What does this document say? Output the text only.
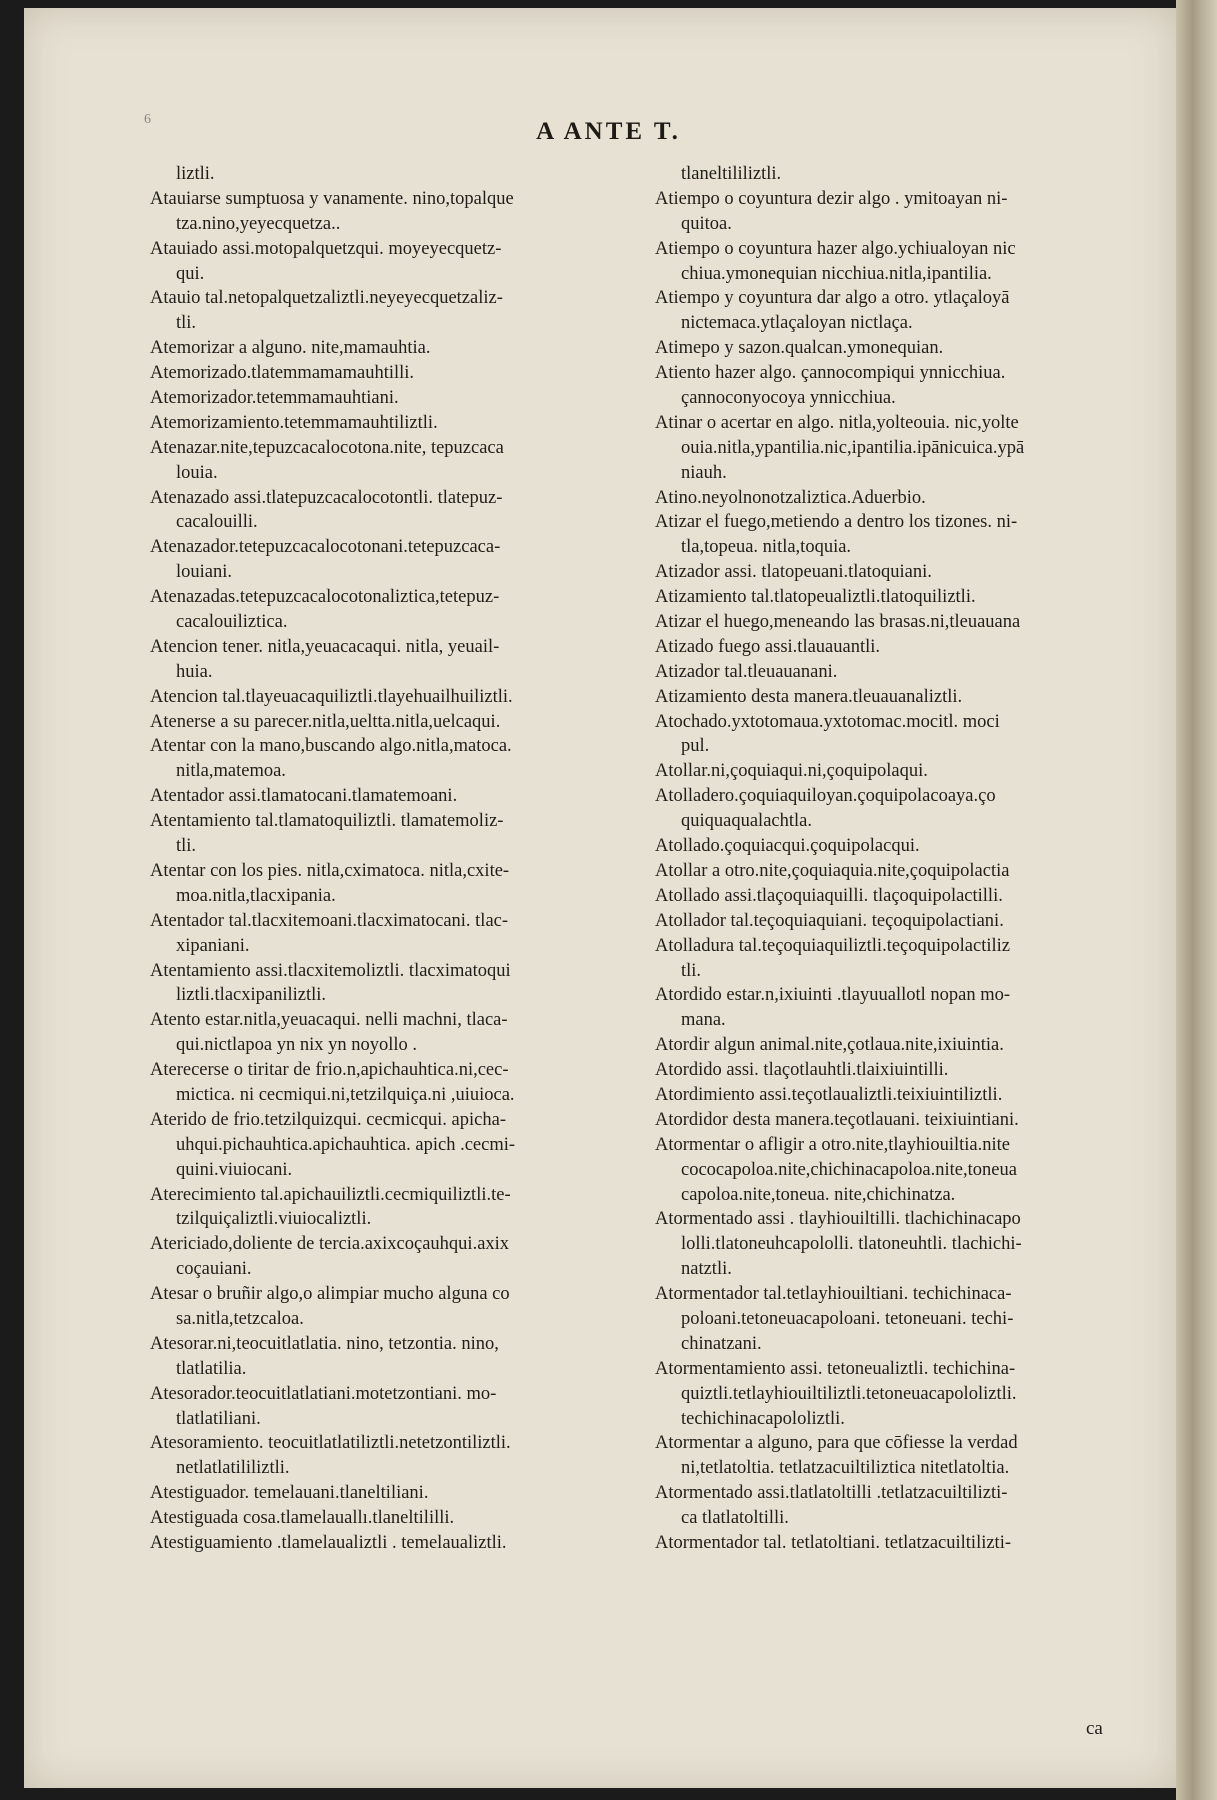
6	A ANTE T.
liztli.
Atauiarse sumptuosa y vanamente. nino,topalque
tza.nino,yeyecquetza..
Atauiado assi.motopalquetzqui. moyeyecquetz-
qui.
Atauio tal.netopalquetzaliztli.neyeyecquetzaliz-
tli.
Atemorizar a alguno. nite,mamauhtia.
Atemorizado.tlatemmamamauhtilli.
Atemorizador.tetemmamauhtiani.
Atemorizamiento.tetemmamauhtiliztli.
Atenazar.nite,tepuzcacalocotona.nite, tepuzcaca
louia.
Atenazado assi.tlatepuzcacalocotontli. tlatepuz-
cacalouilli.
Atenazador.tetepuzcacalocotonani.tetepuzcaca-
louiani.
Atenazadas.tetepuzcacalocotonaliztica,tetepuz-
cacalouiliztica.
Atencion tener. nitla,yeuacacaqui. nitla, yeuail-
huia.
Atencion tal.tlayeuacaquiliztli.tlayehuailhuiliztli.
Atenerse a su parecer.nitla,ueltta.nitla,uelcaqui.
Atentar con la mano,buscando algo.nitla,matoca.
nitla,matemoa.
Atentador assi.tlamatocani.tlamatemoani.
Atentamiento tal.tlamatoquiliztli. tlamatemoliz-
tli.
Atentar con los pies. nitla,cximatoca. nitla,cxite-
moa.nitla,tlacxipania.
Atentador tal.tlacxitemoani.tlacximatocani. tlac-
xipaniani.
Atentamiento assi.tlacxitemoliztli. tlacximatoqui
liztli.tlacxipaniliztli.
Atento estar.nitla,yeuacaqui. nelli machni, tlaca-
qui.nictlapoa yn nix yn noyollo .
Aterecerse o tiritar de frio.n,apichauhtica.ni,cec-
mictica. ni cecmiqui.ni,tetzilquiça.ni ,uiuioca.
Aterido de frio.tetzilquizqui. cecmicqui. apicha-
uhqui.pichauhtica.apichauhtica. apich .cecmi-
quini.viuiocani.
Aterecimiento tal.apichauiliztli.cecmiquiliztli.te-
tzilquiçaliztli.viuiocaliztli.
Atericiado,doliente de tercia.axixcoçauhqui.axix
coçauiani.
Atesar o bruñir algo,o alimpiar mucho alguna co
sa.nitla,tetzcaloa.
Atesorar.ni,teocuitlatlatia. nino, tetzontia. nino,
tlatlatilia.
Atesorador.teocuitlatlatiani.motetzontiani. mo-
tlatlatiliani.
Atesoramiento. teocuitlatlatiliztli.netetzontiliztli.
netlatlatililiztli.
Atestiguador. temelauani.tlaneltiliani.
Atestiguada cosa.tlamelauallı.tlaneltililli.
Atestiguamiento .tlamelaualiztli . temelaualiztli.
tlaneltililiztli.
Atiempo o coyuntura dezir algo . ymitoayan ni-
quitoa.
Atiempo o coyuntura hazer algo.ychiualoyan nic
chiua.ymonequian nicchiua.nitla,ipantilia.
Atiempo y coyuntura dar algo a otro. ytlaçaloyā
nictemaca.ytlaçaloyan nictlaça.
Atimepo y sazon.qualcan.ymonequian.
Atiento hazer algo. çannocompiqui ynnicchiua.
çannoconyocoya ynnicchiua.
Atinar o acertar en algo. nitla,yolteouia. nic,yolte
ouia.nitla,ypantilia.nic,ipantilia.ipānicuica.ypā
niauh.
Atino.neyolnonotzaliztica.Aduerbio.
Atizar el fuego,metiendo a dentro los tizones. ni-
tla,topeua. nitla,toquia.
Atizador assi. tlatopeuani.tlatoquiani.
Atizamiento tal.tlatopeualiztli.tlatoquiliztli.
Atizar el huego,meneando las brasas.ni,tleuauana
Atizado fuego assi.tlauauantli.
Atizador tal.tleuauanani.
Atizamiento desta manera.tleuauanaliztli.
Atochado.yxtotomaua.yxtotomac.mocitl. moci
pul.
Atollar.ni,çoquiaqui.ni,çoquipolaqui.
Atolladero.çoquiaquiloyan.çoquipolacoaya.ço
quiquaqualachtla.
Atollado.çoquiacqui.çoquipolacqui.
Atollar a otro.nite,çoquiaquia.nite,çoquipolactia
Atollado assi.tlaçoquiaquilli. tlaçoquipolactilli.
Atollador tal.teçoquiaquiani. teçoquipolactiani.
Atolladura tal.teçoquiaquiliztli.teçoquipolactiliz
tli.
Atordido estar.n,ixiuinti .tlayuuallotl nopan mo-
mana.
Atordir algun animal.nite,çotlaua.nite,ixiuintia.
Atordido assi. tlaçotlauhtli.tlaixiuintilli.
Atordimiento assi.teçotlaualiztli.teixiuintiliztli.
Atordidor desta manera.teçotlauani. teixiuintiani.
Atormentar o afligir a otro.nite,tlayhiouiltia.nite
cococapoloa.nite,chichinacapoloa.nite,toneua
capoloa.nite,toneua. nite,chichinatza.
Atormentado assi . tlayhiouiltilli. tlachichinacapo
lolli.tlatoneuhcapololli. tlatoneuhtli. tlachichi-
natztli.
Atormentador tal.tetlayhiouiltiani. techichinaca-
poloani.tetoneuacapoloani. tetoneuani. techi-
chinatzani.
Atormentamiento assi. tetoneualiztli. techichina-
quiztli.tetlayhiouiltiliztli.tetoneuacapololiztli.
techichinacapololiztli.
Atormentar a alguno, para que cōfiesse la verdad
ni,tetlatoltia. tetlatzacuiltiliztica nitetlatoltia.
Atormentado assi.tlatlatoltilli .tetlatzacuiltilizti-
ca tlatlatoltilli.
Atormentador tal. tetlatoltiani. tetlatzacuiltilizti-
ca
